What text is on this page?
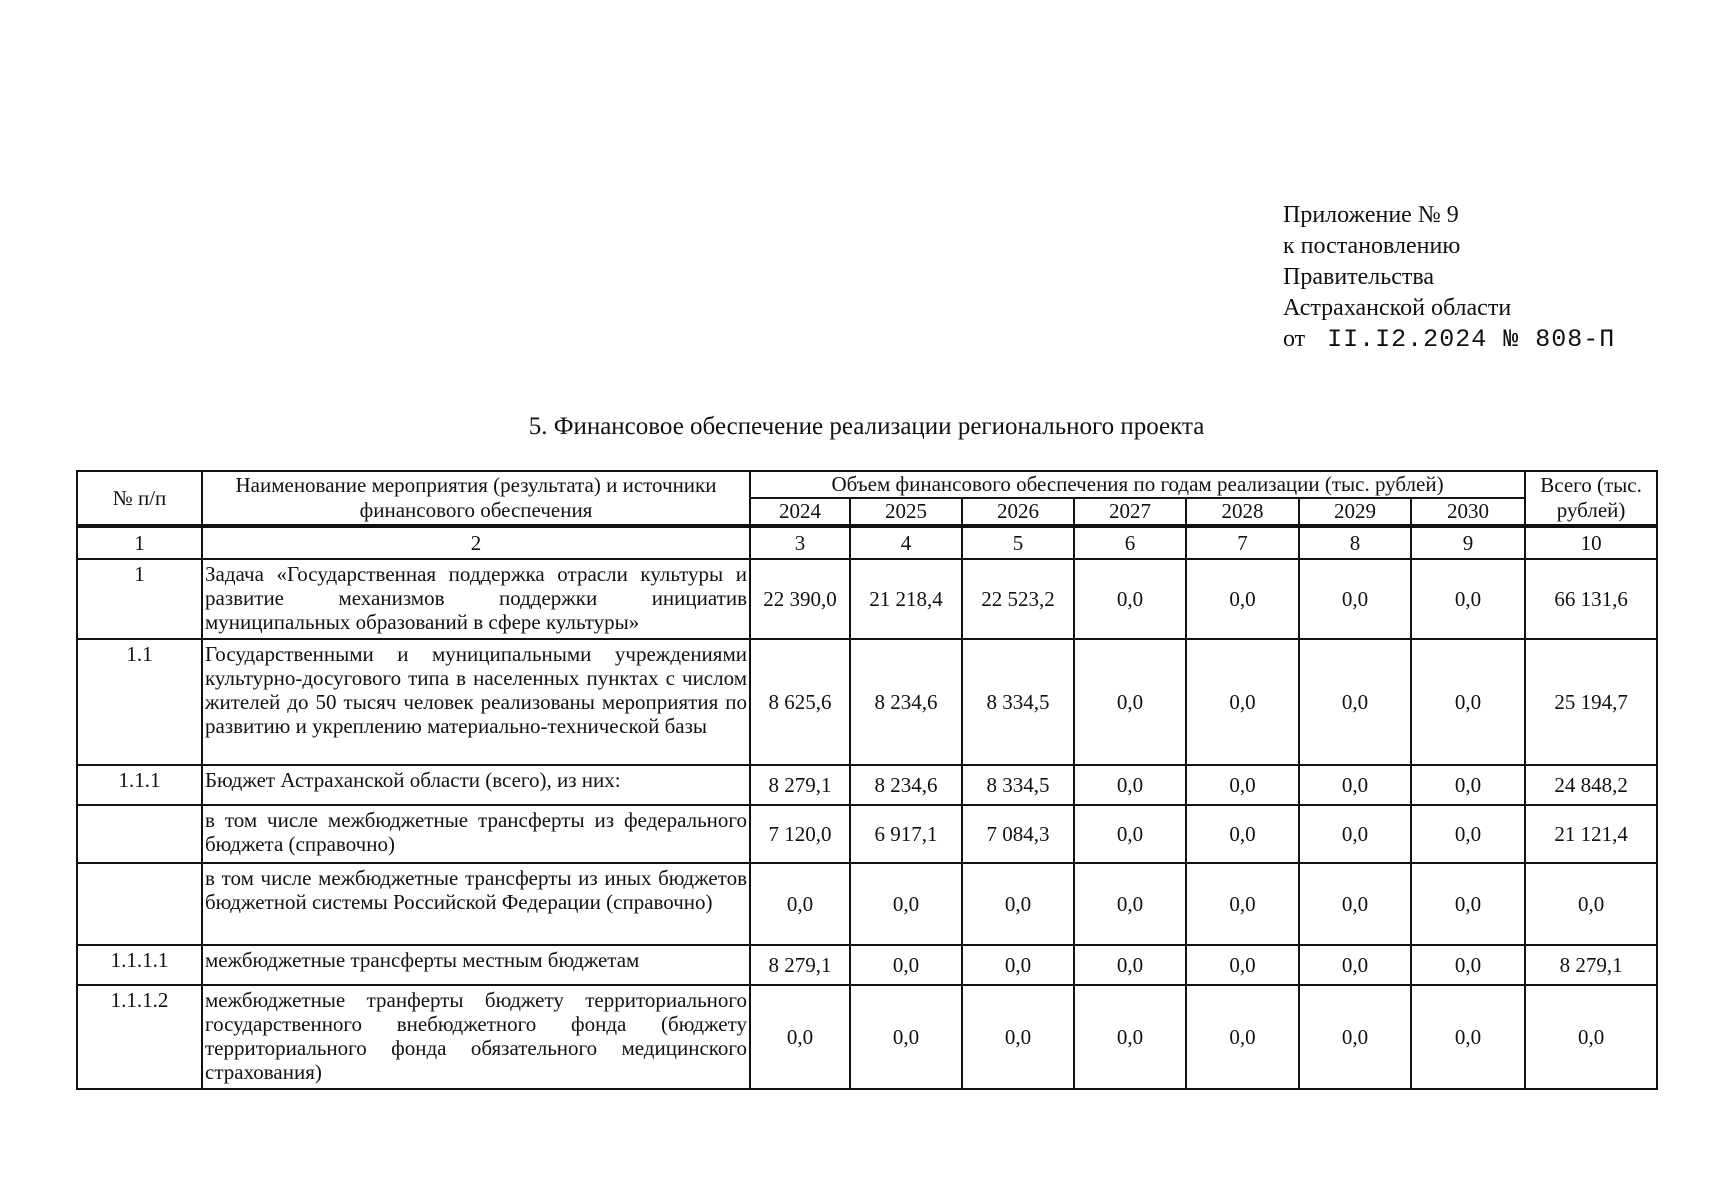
Приложение № 9
к постановлению
Правительства
Астраханской области
от II.I2.2024 № 808-П
5. Финансовое обеспечение реализации регионального проекта
№ п/п	Наименование мероприятия (результата) и источники финансового обеспечения	Объем финансового обеспечения по годам реализации (тыс. рублей)							Всего (тыс. рублей)
		2024	2025	2026	2027	2028	2029	2030	
1	2	3	4	5	6	7	8	9	10
1	Задача «Государственная поддержка отрасли культуры и развитие механизмов поддержки инициатив муниципальных образований в сфере культуры»	22 390,0	21 218,4	22 523,2	0,0	0,0	0,0	0,0	66 131,6
1.1	Государственными и муниципальными учреждениями культурно-досугового типа в населенных пунктах с числом жителей до 50 тысяч человек реализованы мероприятия по развитию и укреплению материально-технической базы	8 625,6	8 234,6	8 334,5	0,0	0,0	0,0	0,0	25 194,7
1.1.1	Бюджет Астраханской области (всего), из них:	8 279,1	8 234,6	8 334,5	0,0	0,0	0,0	0,0	24 848,2
	в том числе межбюджетные трансферты из федерального бюджета (справочно)	7 120,0	6 917,1	7 084,3	0,0	0,0	0,0	0,0	21 121,4
	в том числе межбюджетные трансферты из иных бюджетов бюджетной системы Российской Федерации (справочно)	0,0	0,0	0,0	0,0	0,0	0,0	0,0	0,0
1.1.1.1	межбюджетные трансферты местным бюджетам	8 279,1	0,0	0,0	0,0	0,0	0,0	0,0	8 279,1
1.1.1.2	межбюджетные транферты бюджету территориального государственного внебюджетного фонда (бюджету территориального фонда обязательного медицинского страхования)	0,0	0,0	0,0	0,0	0,0	0,0	0,0	0,0
